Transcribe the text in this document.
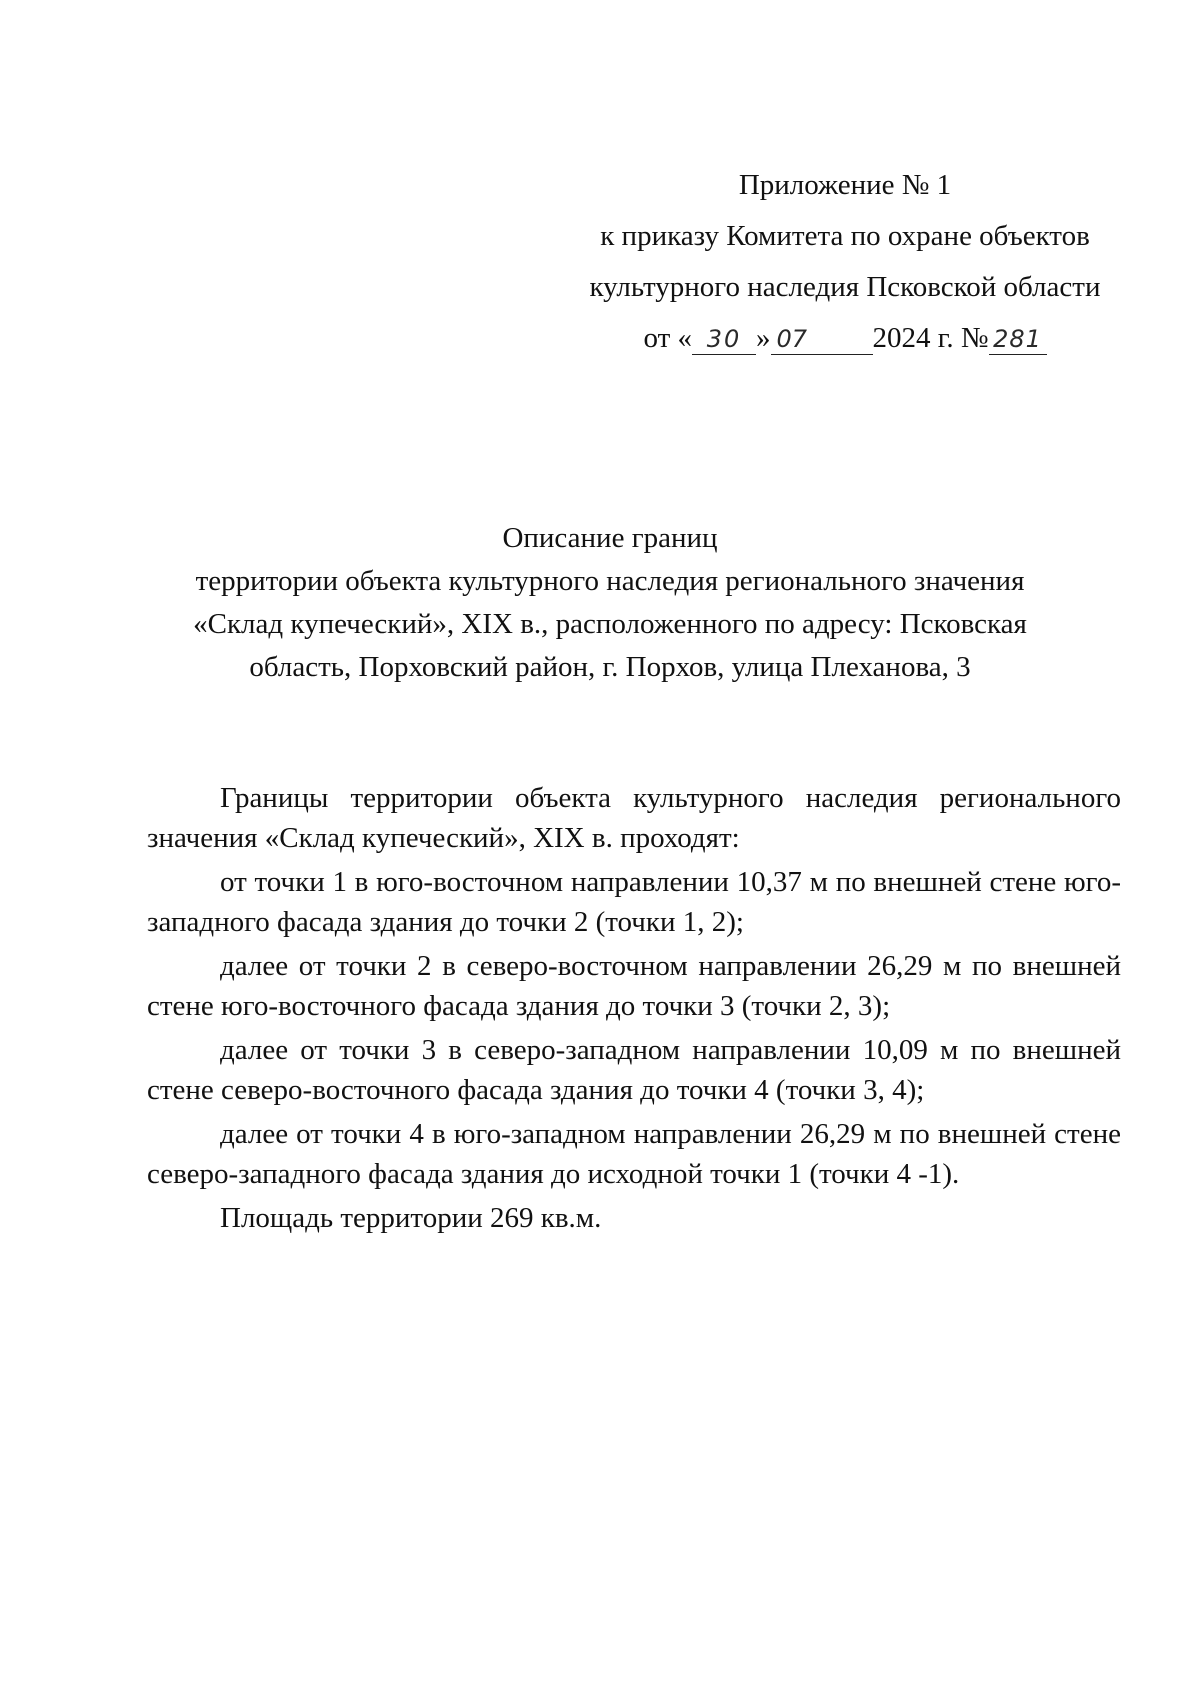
Приложение № 1
к приказу Комитета по охране объектов
культурного наследия Псковской области
от « 30 » 07 2024 г. № 281
Описание границ
территории объекта культурного наследия регионального значения
«Склад купеческий», XIX в., расположенного по адресу: Псковская
область, Порховский район, г. Порхов, улица Плеханова, 3

Границы территории объекта культурного наследия регионального значения «Склад купеческий», XIX в. проходят:

от точки 1 в юго-восточном направлении 10,37 м по внешней стене юго-западного фасада здания до точки 2 (точки 1, 2);

далее от точки 2 в северо-восточном направлении 26,29 м по внешней стене юго-восточного фасада здания до точки 3 (точки 2, 3);

далее от точки 3 в северо-западном направлении 10,09 м по внешней стене северо-восточного фасада здания до точки 4 (точки 3, 4);

далее от точки 4 в юго-западном направлении 26,29 м по внешней стене северо-западного фасада здания до исходной точки 1 (точки 4 -1).

Площадь территории 269 кв.м.
